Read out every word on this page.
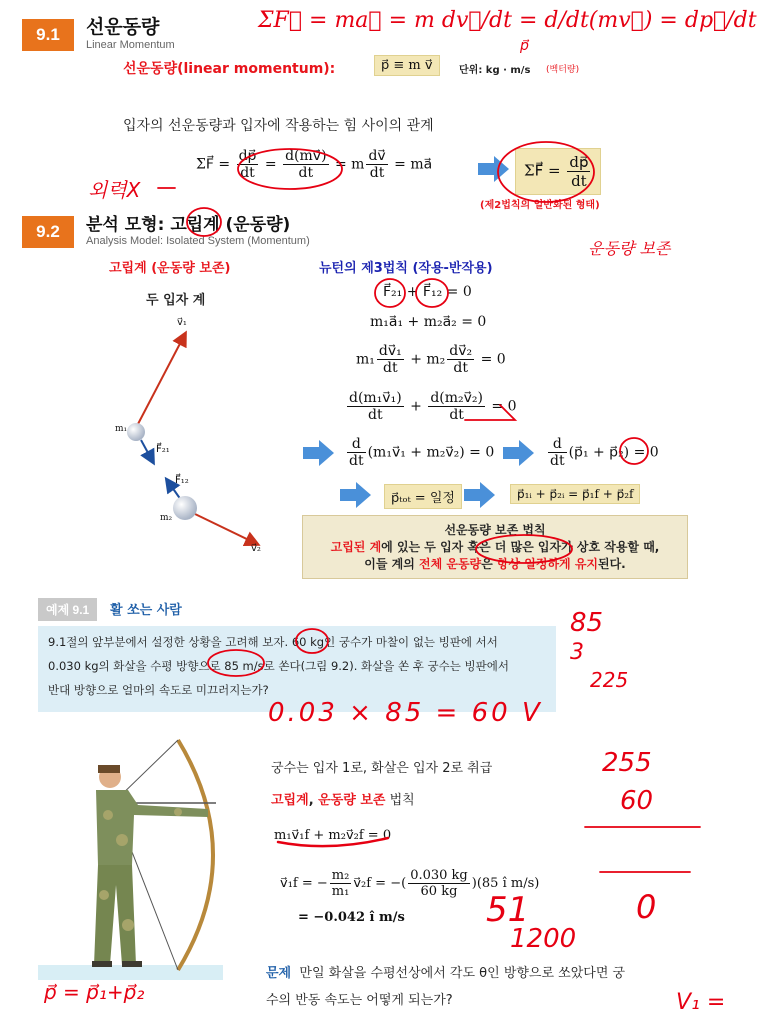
9.1	선운동량
Linear Momentum
선운동량(linear momentum):	p⃗ ≡ m v⃗	단위: kg · m/s (벡터량)
입자의 선운동량과 입자에 작용하는 힘 사이의 관계
ΣF⃗ = $\frac{dp⃗}{dt} = \frac{d(mv⃗)}{dt} = m \frac{dv⃗}{dt}$ = ma⃗	ΣF⃗ = $\frac{dp⃗}{dt}$
(제2법칙의 일반화된 형태)
9.2	분석 모형: 고립계 (운동량)
Analysis Model: Isolated System (Momentum)
고립계 (운동량 보존)	뉴턴의 제3법칙 (작용-반작용)
두 입자 계
v⃗₁
m₁
F⃗₂₁
F⃗₁₂
m₂
v⃗₂
F⃗₂₁ + F⃗₁₂ = 0
m₁a⃗₁ + m₂a⃗₂ = 0
$m_1 \frac{\text{dv⃗₁}}{dt} + m_2 \frac{\text{dv⃗₂}}{dt} = 0$
$\frac{\text{d(m₁v⃗₁)}}{dt} + \frac{\text{d(m₂v⃗₂)}}{dt} = 0$
$\frac{d}{dt}$ (m₁v⃗₁ + m₂v⃗₂) = 0	$\frac{d}{dt}$ (p⃗₁ + p⃗₂) = 0
p⃗ₜₒₜ = 일정	p⃗₁ᵢ + p⃗₂ᵢ = p⃗₁f + p⃗₂f
선운동량 보존 법칙
고립된 계에 있는 두 입자 혹은 더 많은 입자가 상호 작용할 때,
이들 계의 전체 운동량은 항상 일정하게 유지된다.
예제 9.1	활 쏘는 사람
9.1절의 앞부분에서 설정한 상황을 고려해 보자. 60 kg인 궁수가 마찰이 없는 빙판에 서서
0.030 kg의 화살을 수평 방향으로 85 m/s로 쏜다(그림 9.2). 화살을 쏜 후 궁수는 빙판에서
반대 방향으로 얼마의 속도로 미끄러지는가?
궁수는 입자 1로, 화살은 입자 2로 취급
고립계, 운동량 보존 법칙
m₁v⃗₁f + m₂v⃗₂f = 0
v⃗₁f = − $\frac{\text{m₂}}{\text{m₁}}$ v⃗₂f = −( $\frac{0.030 kg}{60 kg} )(85$ î m/s)
= −0.042 î m/s
문제 만일 화살을 수평선상에서 각도 θ인 방향으로 쏘았다면 궁
수의 반동 속도는 어떻게 되는가?
ΣF⃗ = ma⃗ = m dv⃗/dt = d/dt(mv⃗) = dp⃗/dt
p⃗
외력X
운동량 보존
0.03 × 85 = 60 V
85
3
225
255
60
51
1200
0
p⃗ = p⃗₁+p⃗₂	V₁ =
